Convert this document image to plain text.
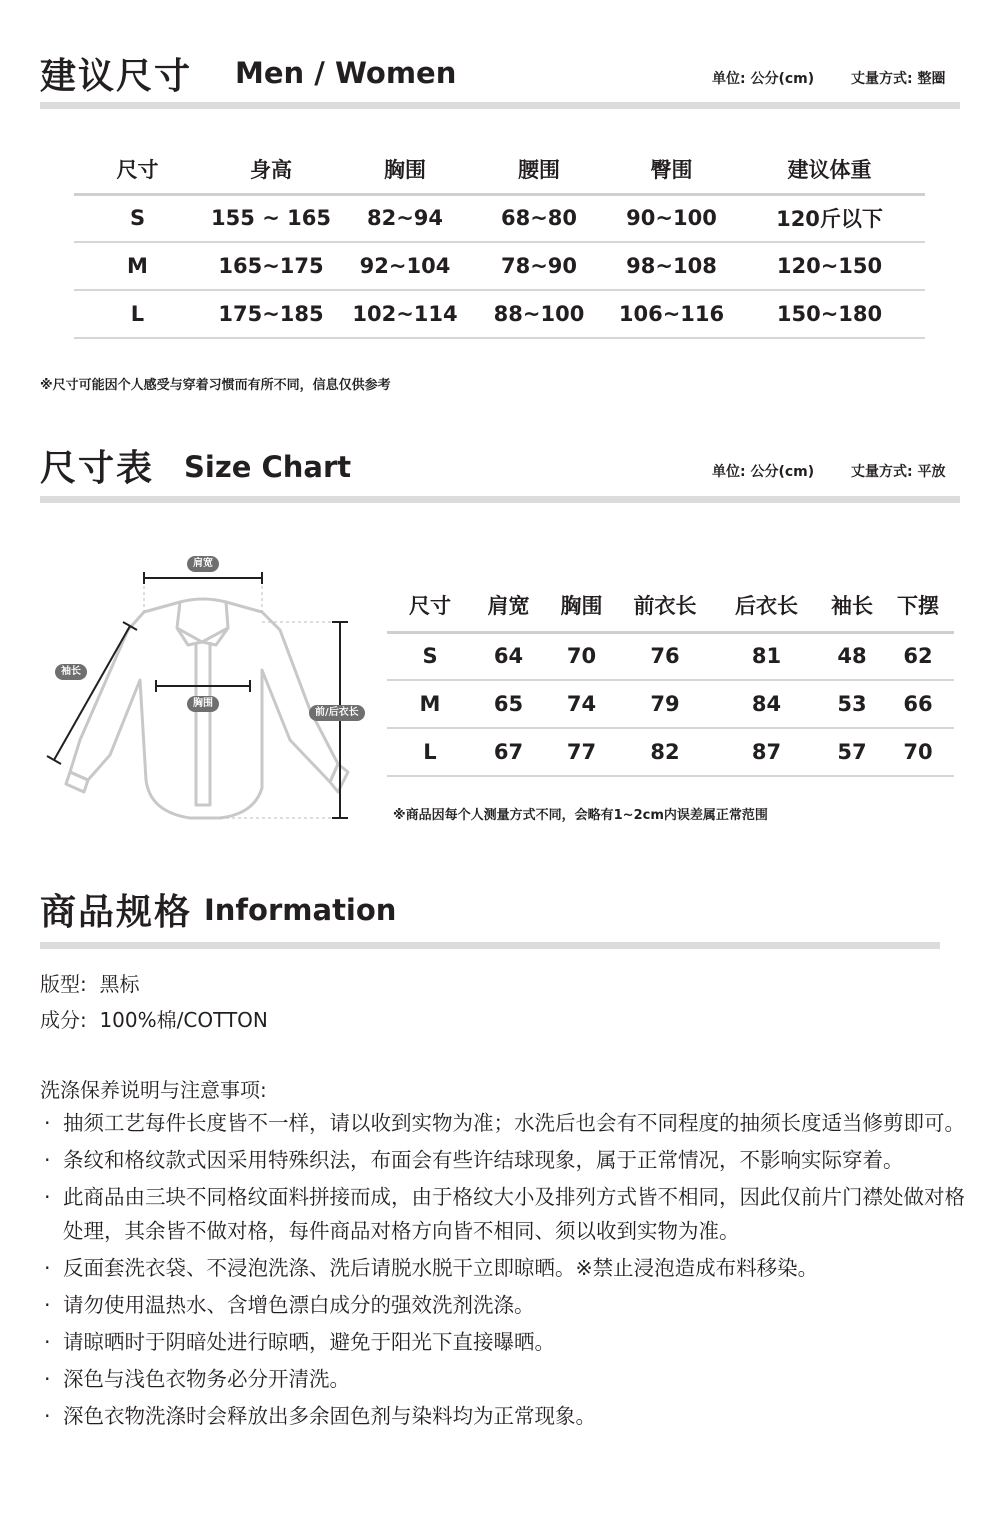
建议尺寸 Men / Women	单位: 公分(cm)	丈量方式: 整圈
尺寸	身高	胸围	腰围	臀围	建议体重
S	155 ~ 165	82~94	68~80	90~100	120斤以下
M	165~175	92~104	78~90	98~108	120~150
L	175~185	102~114	88~100	106~116	150~180
※尺寸可能因个人感受与穿着习惯而有所不同，信息仅供参考
尺寸表 Size Chart	单位: 公分(cm)	丈量方式: 平放
肩宽
袖长
胸围
前/后衣长
尺寸	肩宽	胸围	前衣长	后衣长	袖长	下摆
S	64	70	76	81	48	62
M	65	74	79	84	53	66
L	67	77	82	87	57	70
※商品因每个人测量方式不同，会略有1~2cm内误差属正常范围
商品规格 Information
版型:  黑标
成分:  100%棉/COTTON
洗涤保养说明与注意事项:
· 抽须工艺每件长度皆不一样，请以收到实物为准；水洗后也会有不同程度的抽须长度适当修剪即可。
· 条纹和格纹款式因采用特殊织法，布面会有些许结球现象，属于正常情况，不影响实际穿着。
· 此商品由三块不同格纹面料拼接而成，由于格纹大小及排列方式皆不相同，因此仅前片门襟处做对格处理，其余皆不做对格，每件商品对格方向皆不相同、须以收到实物为准。
· 反面套洗衣袋、不浸泡洗涤、洗后请脱水脱干立即晾晒。※禁止浸泡造成布料移染。
· 请勿使用温热水、含增色漂白成分的强效洗剂洗涤。
· 请晾晒时于阴暗处进行晾晒，避免于阳光下直接曝晒。
· 深色与浅色衣物务必分开清洗。
· 深色衣物洗涤时会释放出多余固色剂与染料均为正常现象。
